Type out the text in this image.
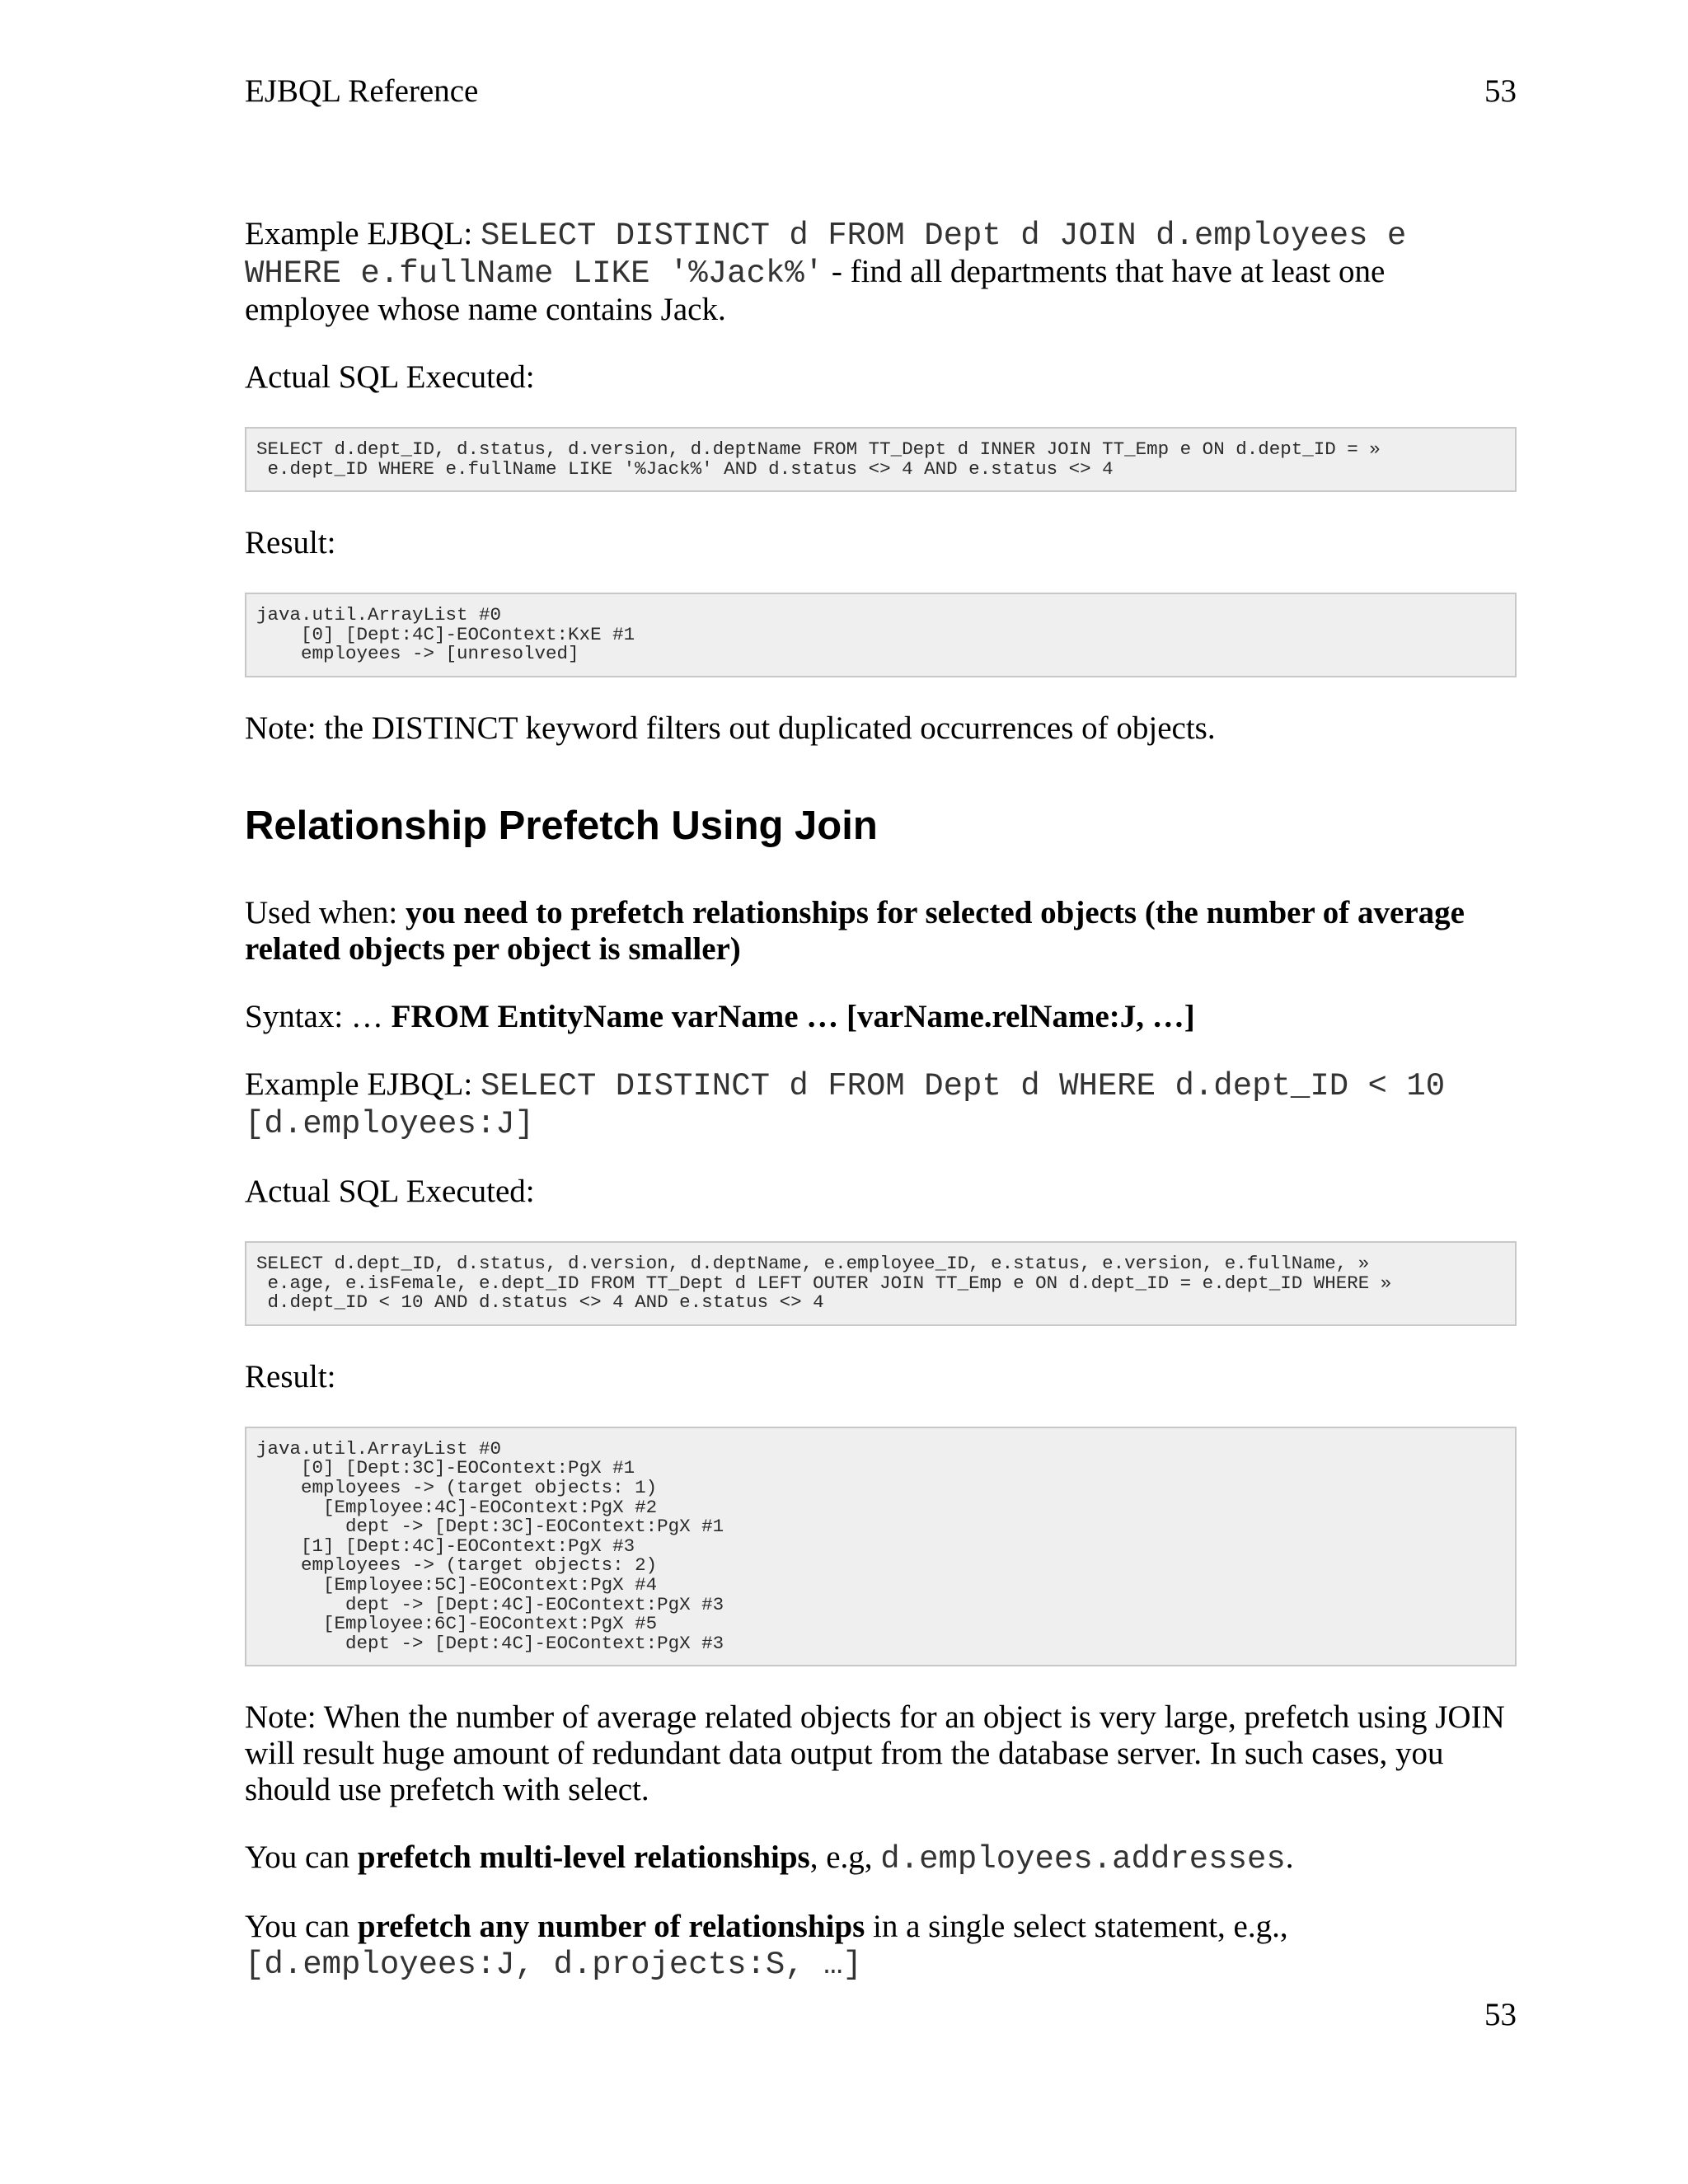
EJBQL Reference	53

Example EJBQL: SELECT DISTINCT d FROM Dept d JOIN d.employees e WHERE e.fullName LIKE '%Jack%' - find all departments that have at least one employee whose name contains Jack.

Actual SQL Executed:

SELECT d.dept_ID, d.status, d.version, d.deptName FROM TT_Dept d INNER JOIN TT_Emp e ON d.dept_ID = »
e.dept_ID WHERE e.fullName LIKE '%Jack%' AND d.status <> 4 AND e.status <> 4

Result:

java.util.ArrayList #0
[0] [Dept:4C]-EOContext:KxE #1
employees -> [unresolved]

Note: the DISTINCT keyword filters out duplicated occurrences of objects.

Relationship Prefetch Using Join

Used when: you need to prefetch relationships for selected objects (the number of average related objects per object is smaller)

Syntax: … FROM EntityName varName … [varName.relName:J, …]

Example EJBQL: SELECT DISTINCT d FROM Dept d WHERE d.dept_ID < 10 [d.employees:J]

Actual SQL Executed:

SELECT d.dept_ID, d.status, d.version, d.deptName, e.employee_ID, e.status, e.version, e.fullName, »
e.age, e.isFemale, e.dept_ID FROM TT_Dept d LEFT OUTER JOIN TT_Emp e ON d.dept_ID = e.dept_ID WHERE »
d.dept_ID < 10 AND d.status <> 4 AND e.status <> 4

Result:

java.util.ArrayList #0
[0] [Dept:3C]-EOContext:PgX #1
employees -> (target objects: 1)
[Employee:4C]-EOContext:PgX #2
dept -> [Dept:3C]-EOContext:PgX #1
[1] [Dept:4C]-EOContext:PgX #3
employees -> (target objects: 2)
[Employee:5C]-EOContext:PgX #4
dept -> [Dept:4C]-EOContext:PgX #3
[Employee:6C]-EOContext:PgX #5
dept -> [Dept:4C]-EOContext:PgX #3

Note: When the number of average related objects for an object is very large, prefetch using JOIN will result huge amount of redundant data output from the database server. In such cases, you should use prefetch with select.

You can prefetch multi-level relationships, e.g, d.employees.addresses.

You can prefetch any number of relationships in a single select statement, e.g.,[d.employees:J, d.projects:S, …]

53
